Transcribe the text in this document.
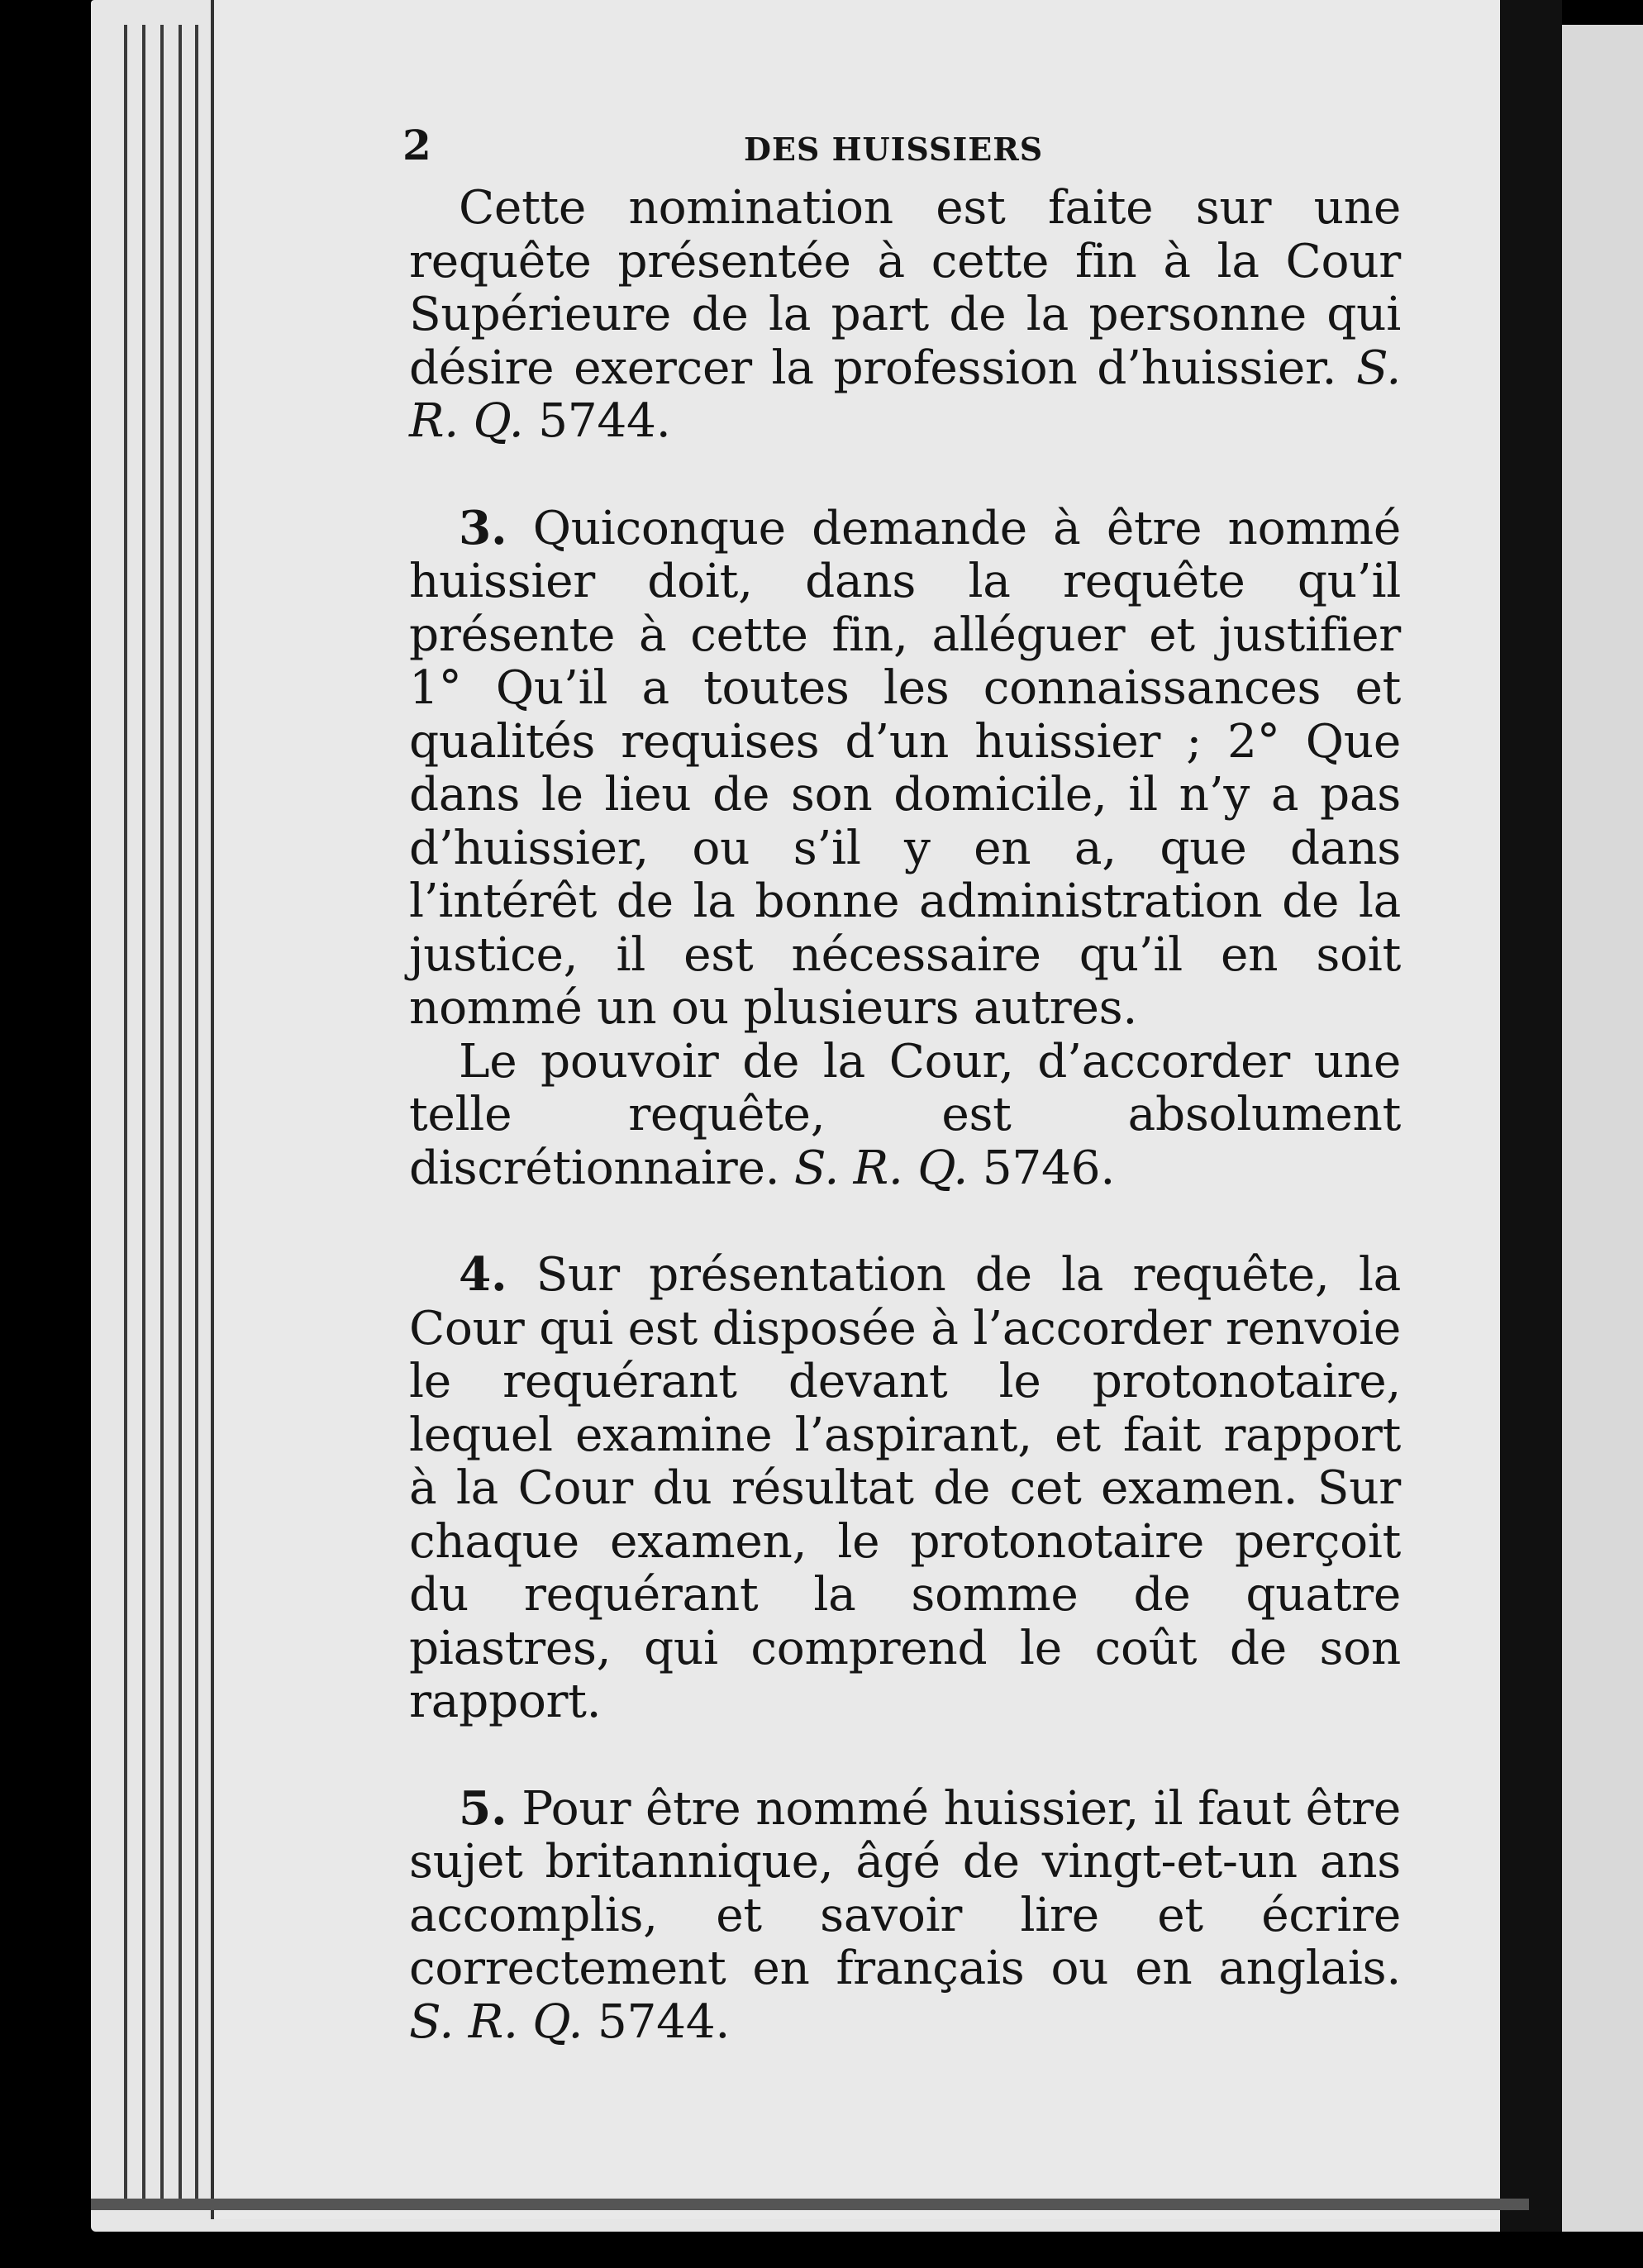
2	DES HUISSIERS

Cette nomination est faite sur une requête présentée à cette fin à la Cour Supérieure de la part de la personne qui désire exercer la profession d’huissier. S. R. Q. 5744.

3. Quiconque demande à être nommé huissier doit, dans la requête qu’il présente à cette fin, alléguer et justifier 1° Qu’il a toutes les connaissances et qualités requises d’un huissier ; 2° Que dans le lieu de son domicile, il n’y a pas d’huissier, ou s’il y en a, que dans l’intérêt de la bonne administration de la justice, il est nécessaire qu’il en soit nommé un ou plusieurs autres.

Le pouvoir de la Cour, d’accorder une telle requête, est absolument discrétionnaire. S. R. Q. 5746.

4. Sur présentation de la requête, la Cour qui est disposée à l’accorder renvoie le requérant devant le protonotaire, lequel examine l’aspirant, et fait rapport à la Cour du résultat de cet examen. Sur chaque examen, le protonotaire perçoit du requérant la somme de quatre piastres, qui comprend le coût de son rapport.

5. Pour être nommé huissier, il faut être sujet britannique, âgé de vingt-et-un ans accomplis, et savoir lire et écrire correctement en français ou en anglais. S. R. Q. 5744.
